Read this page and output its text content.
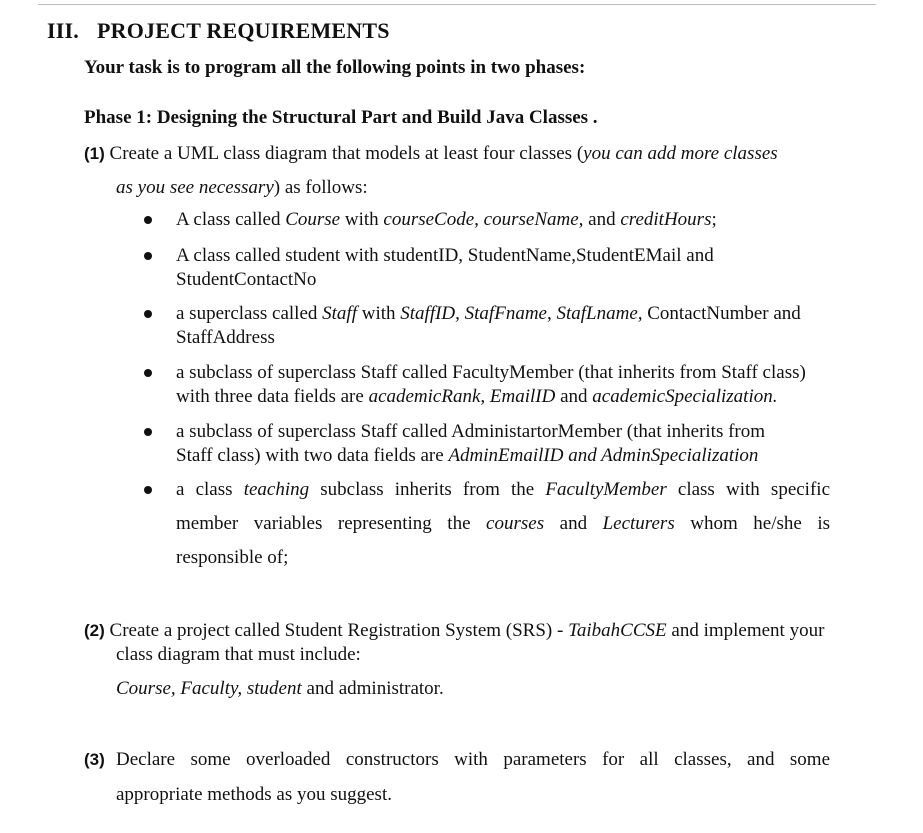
III. PROJECT REQUIREMENTS
Your task is to program all the following points in two phases:
Phase 1: Designing the Structural Part and Build Java Classes .
(1) Create a UML class diagram that models at least four classes (you can add more classes
as you see necessary) as follows:
A class called Course with courseCode, courseName, and creditHours;
A class called student with studentID, StudentName,StudentEMail and
StudentContactNo
a superclass called Staff with StaffID, StafFname, StafLname, ContactNumber and
StaffAddress
a subclass of superclass Staff called FacultyMember (that inherits from Staff class)
with three data fields are academicRank, EmailID and academicSpecialization.
a subclass of superclass Staff called AdministartorMember (that inherits from
Staff class) with two data fields are AdminEmailID and AdminSpecialization
a class teaching subclass inherits from the FacultyMember class with specific
member variables representing the courses and Lecturers whom he/she is
responsible of;
(2) Create a project called Student Registration System (SRS) - TaibahCCSE and implement your
class diagram that must include:
Course, Faculty, student and administrator.
(3) Declare some overloaded constructors with parameters for all classes, and some
appropriate methods as you suggest.
